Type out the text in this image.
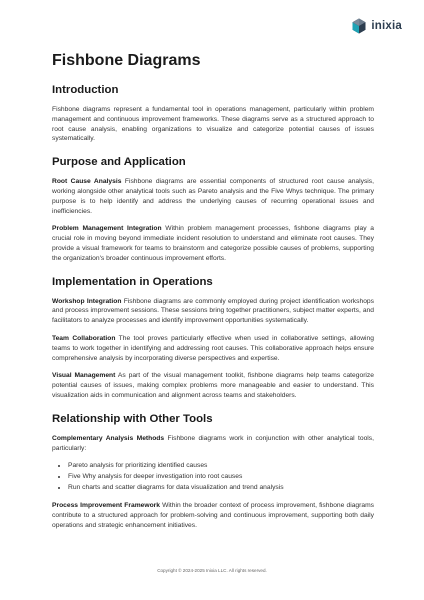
inixia
Fishbone Diagrams
Introduction

Fishbone diagrams represent a fundamental tool in operations management, particularly within problem management and continuous improvement frameworks. These diagrams serve as a structured approach to root cause analysis, enabling organizations to visualize and categorize potential causes of issues systematically.

Purpose and Application

Root Cause Analysis Fishbone diagrams are essential components of structured root cause analysis, working alongside other analytical tools such as Pareto analysis and the Five Whys technique. The primary purpose is to help identify and address the underlying causes of recurring operational issues and inefficiencies.

Problem Management Integration Within problem management processes, fishbone diagrams play a crucial role in moving beyond immediate incident resolution to understand and eliminate root causes. They provide a visual framework for teams to brainstorm and categorize possible causes of problems, supporting the organization's broader continuous improvement efforts.

Implementation in Operations

Workshop Integration Fishbone diagrams are commonly employed during project identification workshops and process improvement sessions. These sessions bring together practitioners, subject matter experts, and facilitators to analyze processes and identify improvement opportunities systematically.

Team Collaboration The tool proves particularly effective when used in collaborative settings, allowing teams to work together in identifying and addressing root causes. This collaborative approach helps ensure comprehensive analysis by incorporating diverse perspectives and expertise.

Visual Management As part of the visual management toolkit, fishbone diagrams help teams categorize potential causes of issues, making complex problems more manageable and easier to understand. This visualization aids in communication and alignment across teams and stakeholders.

Relationship with Other Tools

Complementary Analysis Methods Fishbone diagrams work in conjunction with other analytical tools, particularly:

• Pareto analysis for prioritizing identified causes
• Five Why analysis for deeper investigation into root causes
• Run charts and scatter diagrams for data visualization and trend analysis

Process Improvement Framework Within the broader context of process improvement, fishbone diagrams contribute to a structured approach for problem-solving and continuous improvement, supporting both daily operations and strategic enhancement initiatives.

Copyright © 2024-2025 Inixia LLC. All rights reserved.
